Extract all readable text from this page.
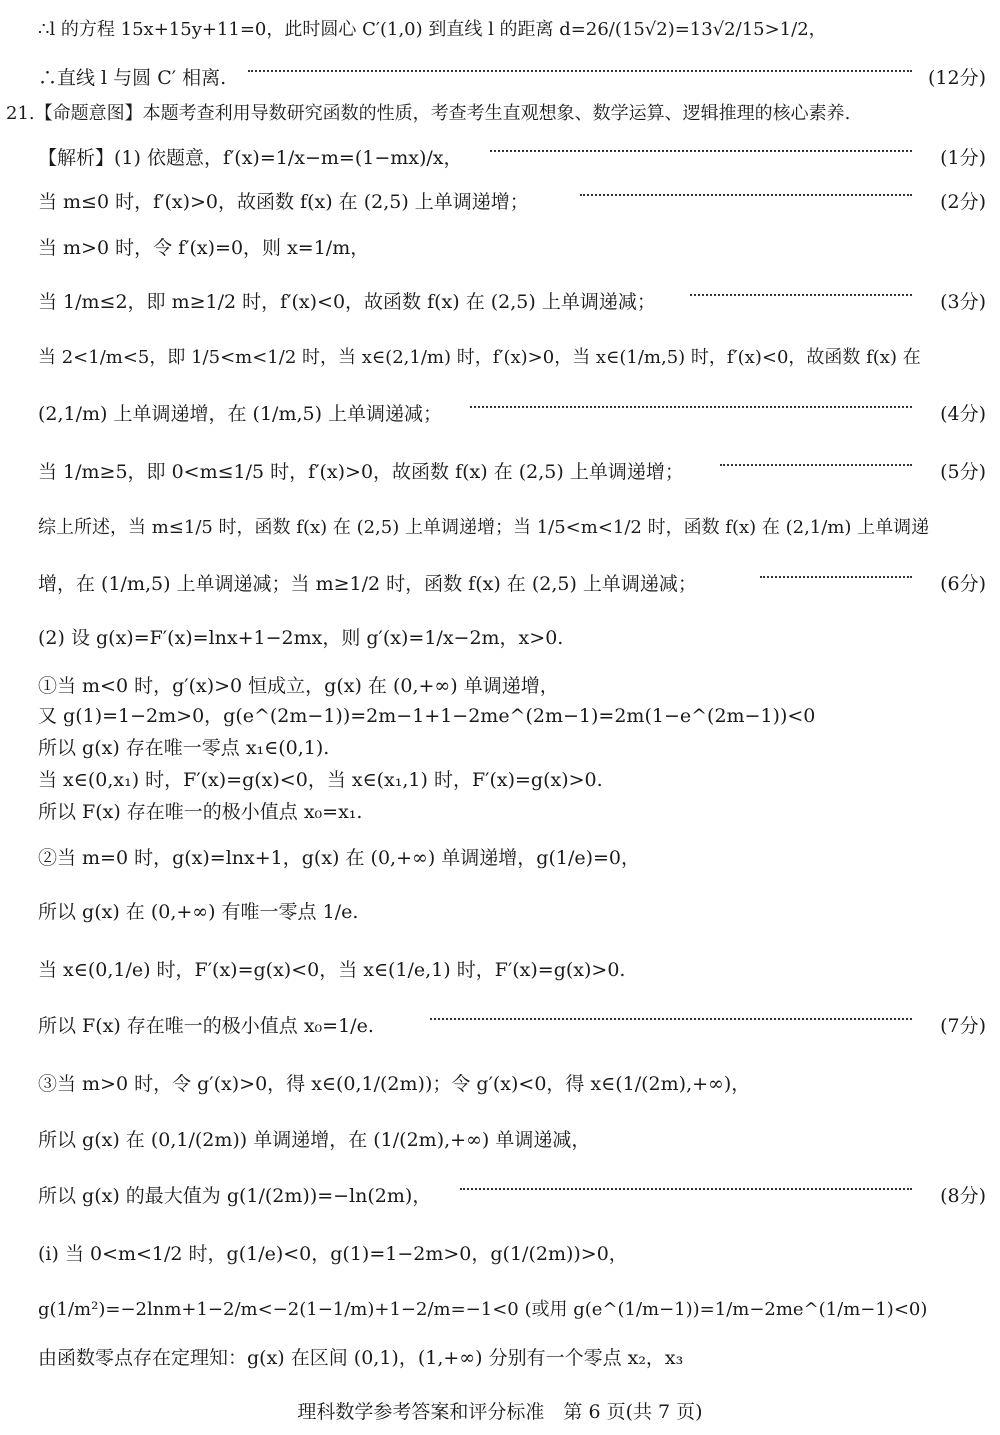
∴l 的方程 15x+15y+11=0，此时圆心 C′(1,0) 到直线 l 的距离 d=26/(15√2)=13√2/15>1/2，
∴直线 l 与圆 C′ 相离.	(12分)
21.【命题意图】本题考查利用导数研究函数的性质，考查考生直观想象、数学运算、逻辑推理的核心素养.
【解析】(1) 依题意，f′(x)=1/x−m=(1−mx)/x，	(1分)
当 m≤0 时，f′(x)>0，故函数 f(x) 在 (2,5) 上单调递增；	(2分)
当 m>0 时，令 f′(x)=0，则 x=1/m，
当 1/m≤2，即 m≥1/2 时，f′(x)<0，故函数 f(x) 在 (2,5) 上单调递减；	(3分)
当 2<1/m<5，即 1/5<m<1/2 时，当 x∈(2,1/m) 时，f′(x)>0，当 x∈(1/m,5) 时，f′(x)<0，故函数 f(x) 在
(2,1/m) 上单调递增，在 (1/m,5) 上单调递减；	(4分)
当 1/m≥5，即 0<m≤1/5 时，f′(x)>0，故函数 f(x) 在 (2,5) 上单调递增；	(5分)
综上所述，当 m≤1/5 时，函数 f(x) 在 (2,5) 上单调递增；当 1/5<m<1/2 时，函数 f(x) 在 (2,1/m) 上单调递
增，在 (1/m,5) 上单调递减；当 m≥1/2 时，函数 f(x) 在 (2,5) 上单调递减；	(6分)
(2) 设 g(x)=F′(x)=lnx+1−2mx，则 g′(x)=1/x−2m，x>0.
①当 m<0 时，g′(x)>0 恒成立，g(x) 在 (0,+∞) 单调递增，
又 g(1)=1−2m>0，g(e^(2m−1))=2m−1+1−2me^(2m−1)=2m(1−e^(2m−1))<0
所以 g(x) 存在唯一零点 x₁∈(0,1).
当 x∈(0,x₁) 时，F′(x)=g(x)<0，当 x∈(x₁,1) 时，F′(x)=g(x)>0.
所以 F(x) 存在唯一的极小值点 x₀=x₁.
②当 m=0 时，g(x)=lnx+1，g(x) 在 (0,+∞) 单调递增，g(1/e)=0，
所以 g(x) 在 (0,+∞) 有唯一零点 1/e.
当 x∈(0,1/e) 时，F′(x)=g(x)<0，当 x∈(1/e,1) 时，F′(x)=g(x)>0.
所以 F(x) 存在唯一的极小值点 x₀=1/e.	(7分)
③当 m>0 时，令 g′(x)>0，得 x∈(0,1/(2m))；令 g′(x)<0，得 x∈(1/(2m),+∞)，
所以 g(x) 在 (0,1/(2m)) 单调递增，在 (1/(2m),+∞) 单调递减，
所以 g(x) 的最大值为 g(1/(2m))=−ln(2m)，	(8分)
(i) 当 0<m<1/2 时，g(1/e)<0，g(1)=1−2m>0，g(1/(2m))>0，
g(1/m²)=−2lnm+1−2/m<−2(1−1/m)+1−2/m=−1<0 (或用 g(e^(1/m−1))=1/m−2me^(1/m−1)<0)
由函数零点存在定理知：g(x) 在区间 (0,1)，(1,+∞) 分别有一个零点 x₂，x₃
理科数学参考答案和评分标准　第 6 页(共 7 页)
